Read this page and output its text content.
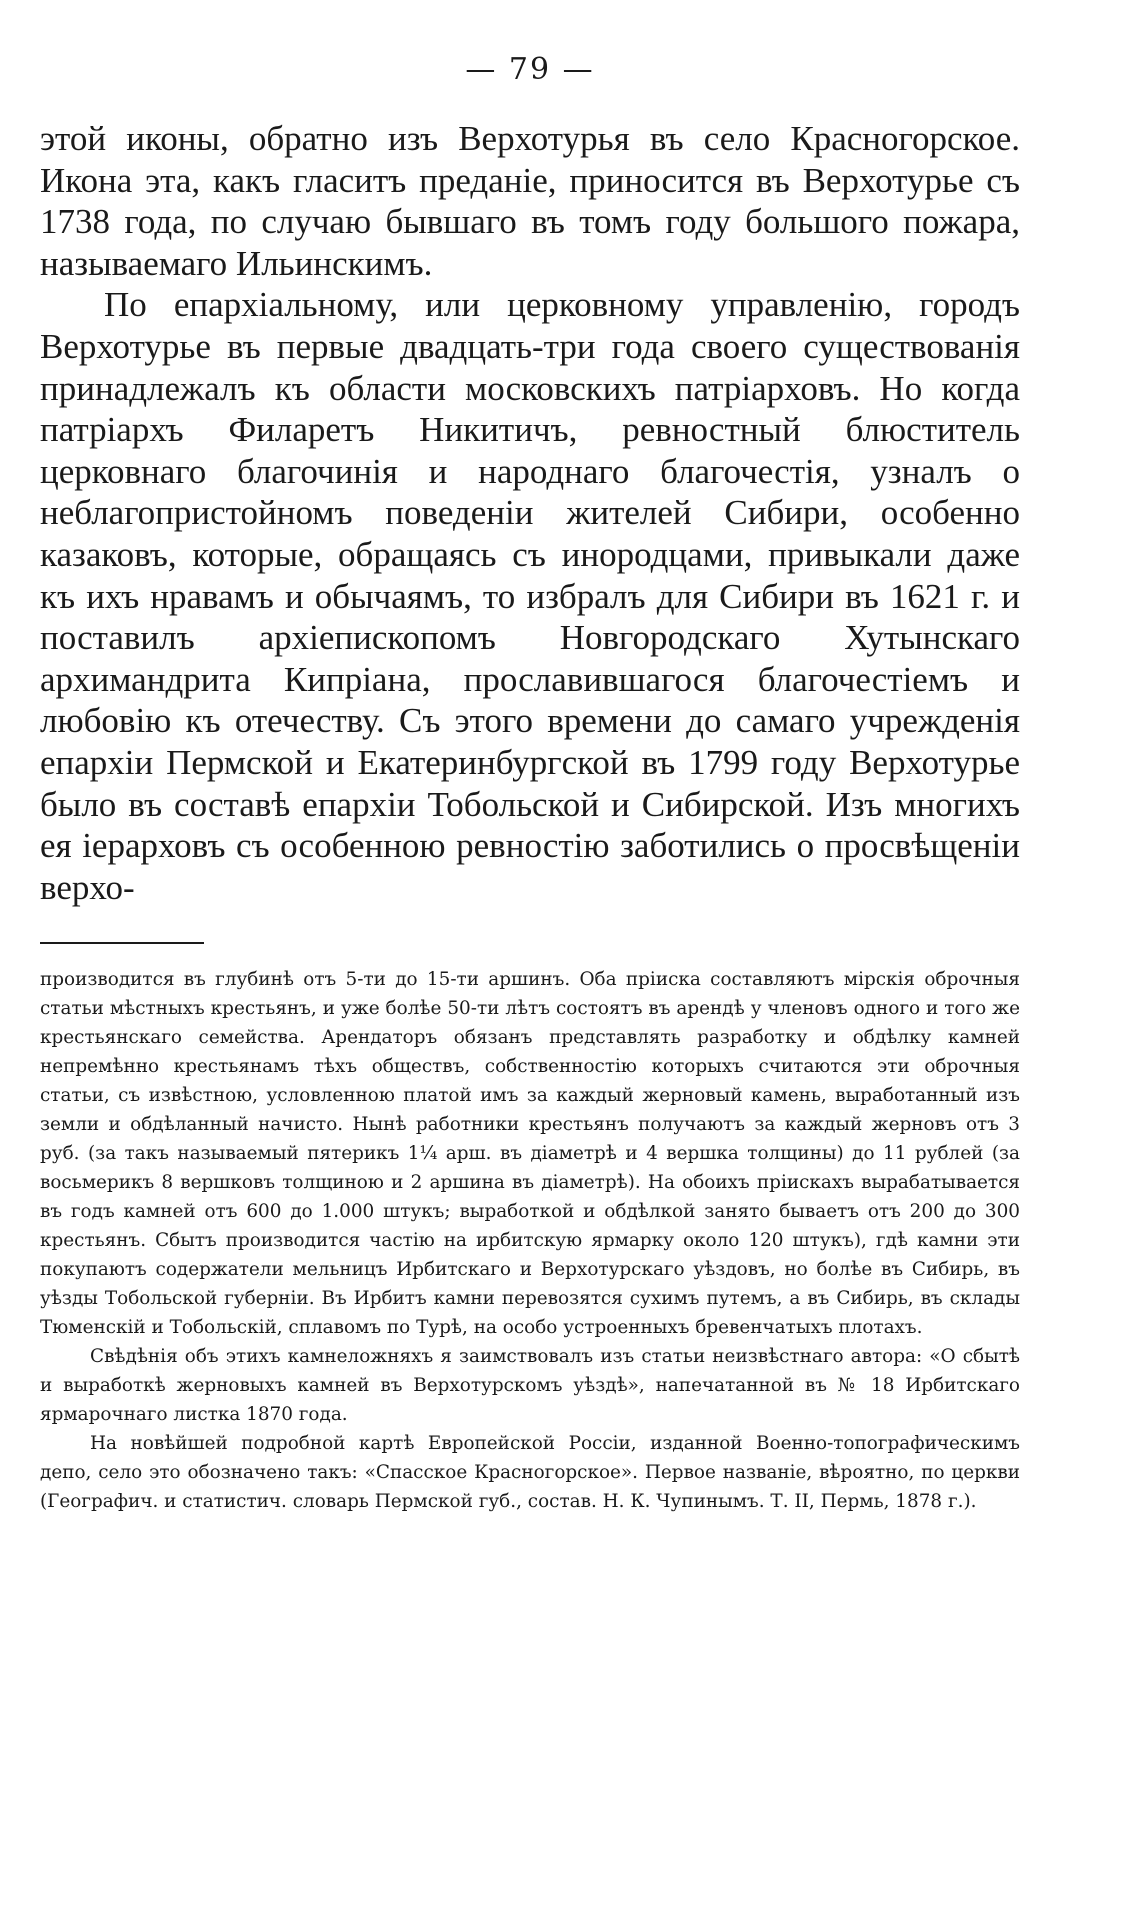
— 79 —

этой иконы, обратно изъ Верхотурья въ село Красногорское. Икона эта, какъ гласитъ преданіе, приносится въ Верхотурье съ 1738 года, по случаю бывшаго въ томъ году большого пожара, называемаго Ильинскимъ.

По епархіальному, или церковному управленію, городъ Верхотурье въ первые двадцать-три года своего существованія принадлежалъ къ области московскихъ патріарховъ. Но когда патріархъ Филаретъ Никитичъ, ревностный блюститель церковнаго благочинія и народнаго благочестія, узналъ о неблагопристойномъ поведеніи жителей Сибири, особенно казаковъ, которые, обращаясь съ инородцами, привыкали даже къ ихъ нравамъ и обычаямъ, то избралъ для Сибири въ 1621 г. и поставилъ архіепископомъ Новгородскаго Хутынскаго архимандрита Кипріана, прославившагося благочестіемъ и любовію къ отечеству. Съ этого времени до самаго учрежденія епархіи Пермской и Екатеринбургской въ 1799 году Верхотурье было въ составѣ епархіи Тобольской и Сибирской. Изъ многихъ ея іерарховъ съ особенною ревностію заботились о просвѣщеніи верхо-

производится въ глубинѣ отъ 5-ти до 15-ти аршинъ. Оба пріиска составляютъ мірскія оброчныя статьи мѣстныхъ крестьянъ, и уже болѣе 50-ти лѣтъ состоятъ въ арендѣ у членовъ одного и того же крестьянскаго семейства. Арендаторъ обязанъ представлять разработку и обдѣлку камней непремѣнно крестьянамъ тѣхъ обществъ, собственностію которыхъ считаются эти оброчныя статьи, съ извѣстною, условленною платой имъ за каждый жерновый камень, выработанный изъ земли и обдѣланный начисто. Нынѣ работники крестьянъ получаютъ за каждый жерновъ отъ 3 руб. (за такъ называемый пятерикъ 1¼ арш. въ діаметрѣ и 4 вершка толщины) до 11 рублей (за восьмерикъ 8 вершковъ толщиною и 2 аршина въ діаметрѣ). На обоихъ пріискахъ вырабатывается въ годъ камней отъ 600 до 1.000 штукъ; выработкой и обдѣлкой занято бываетъ отъ 200 до 300 крестьянъ. Сбытъ производится частію на ирбитскую ярмарку около 120 штукъ), гдѣ камни эти покупаютъ содержатели мельницъ Ирбитскаго и Верхотурскаго уѣздовъ, но болѣе въ Сибирь, въ уѣзды Тобольской губерніи. Въ Ирбитъ камни перевозятся сухимъ путемъ, а въ Сибирь, въ склады Тюменскій и Тобольскій, сплавомъ по Турѣ, на особо устроенныхъ бревенчатыхъ плотахъ.

Свѣдѣнія объ этихъ камнеложняхъ я заимствовалъ изъ статьи неизвѣстнаго автора: «О сбытѣ и выработкѣ жерновыхъ камней въ Верхотурскомъ уѣздѣ», напечатанной въ № 18 Ирбитскаго ярмарочнаго листка 1870 года.

На новѣйшей подробной картѣ Европейской Россіи, изданной Военно-топографическимъ депо, село это обозначено такъ: «Спасское Красногорское». Первое названіе, вѣроятно, по церкви (Географич. и статистич. словарь Пермской губ., состав. Н. К. Чупинымъ. Т. II, Пермь, 1878 г.).
